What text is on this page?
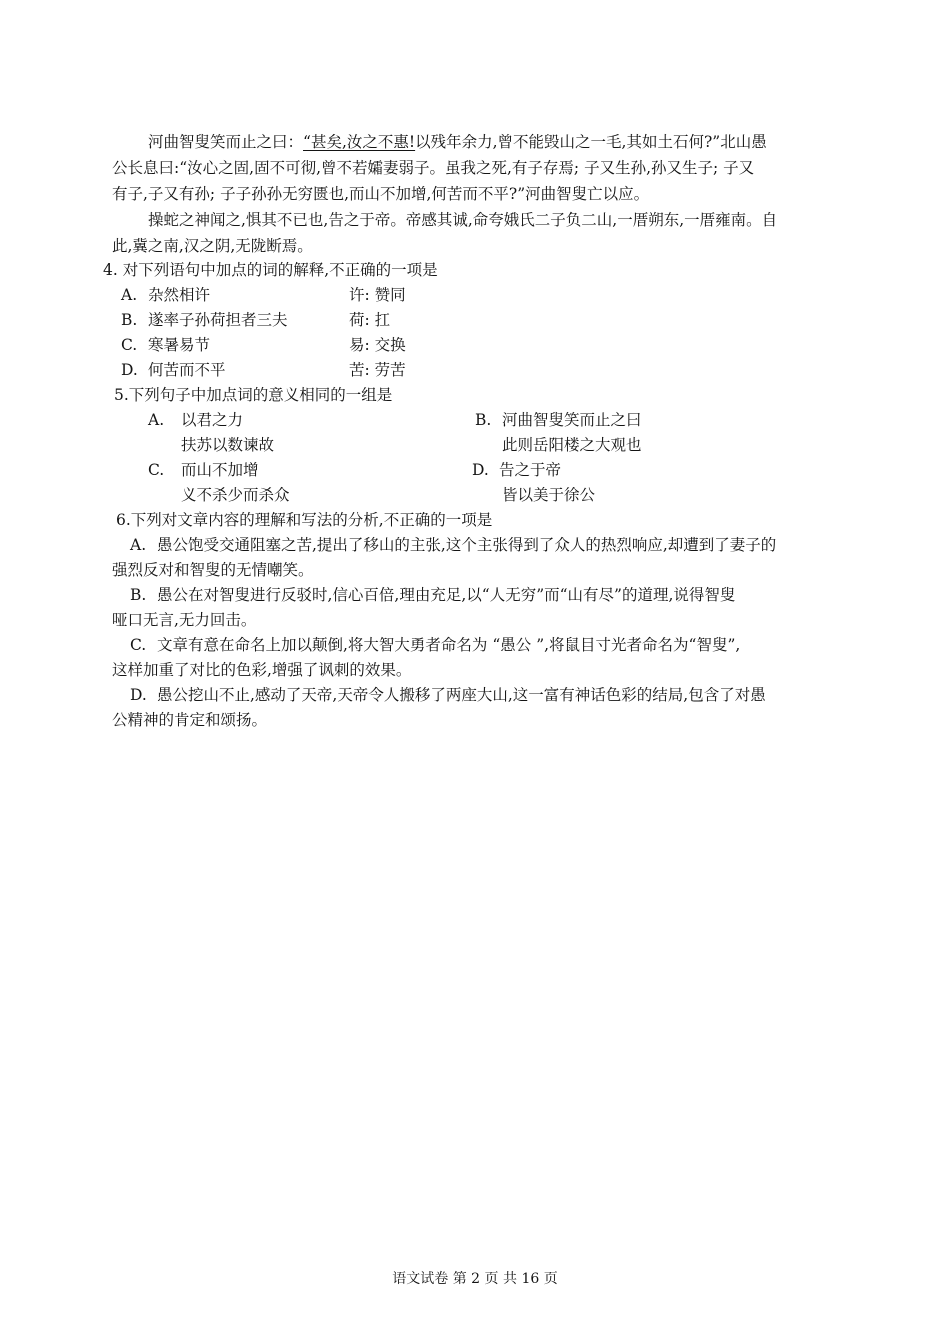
河曲智叟笑而止之曰：“甚矣,汝之不惠!以残年余力,曾不能毁山之一毛,其如土石何?”北山愚
公长息曰:“汝心之固,固不可彻,曾不若孀妻弱子。虽我之死,有子存焉; 子又生孙,孙又生子; 子又
有子,子又有孙; 子子孙孙无穷匮也,而山不加增,何苦而不平?”河曲智叟亡以应。
操蛇之神闻之,惧其不已也,告之于帝。帝感其诚,命夸娥氏二子负二山,一厝朔东,一厝雍南。自
此,冀之南,汉之阴,无陇断焉。
4. 对下列语句中加点的词的解释,不正确的一项是
A. 杂然相许	许: 赞同
B. 遂率子孙荷担者三夫	荷: 扛
C. 寒暑易节	易: 交换
D. 何苦而不平	苦: 劳苦
5.下列句子中加点词的意义相同的一组是
A. 以君之力
扶苏以数谏故
B. 河曲智叟笑而止之曰
此则岳阳楼之大观也
C. 而山不加增
义不杀少而杀众
D. 告之于帝
皆以美于徐公
6.下列对文章内容的理解和写法的分析,不正确的一项是
A. 愚公饱受交通阻塞之苦,提出了移山的主张,这个主张得到了众人的热烈响应,却遭到了妻子的
强烈反对和智叟的无情嘲笑。
B. 愚公在对智叟进行反驳时,信心百倍,理由充足,以“人无穷”而“山有尽”的道理,说得智叟
哑口无言,无力回击。
C. 文章有意在命名上加以颠倒,将大智大勇者命名为 “愚公 ”,将鼠目寸光者命名为“智叟”,
这样加重了对比的色彩,增强了讽刺的效果。
D. 愚公挖山不止,感动了天帝,天帝令人搬移了两座大山,这一富有神话色彩的结局,包含了对愚
公精神的肯定和颂扬。
语文试卷 第 2 页 共 16 页
